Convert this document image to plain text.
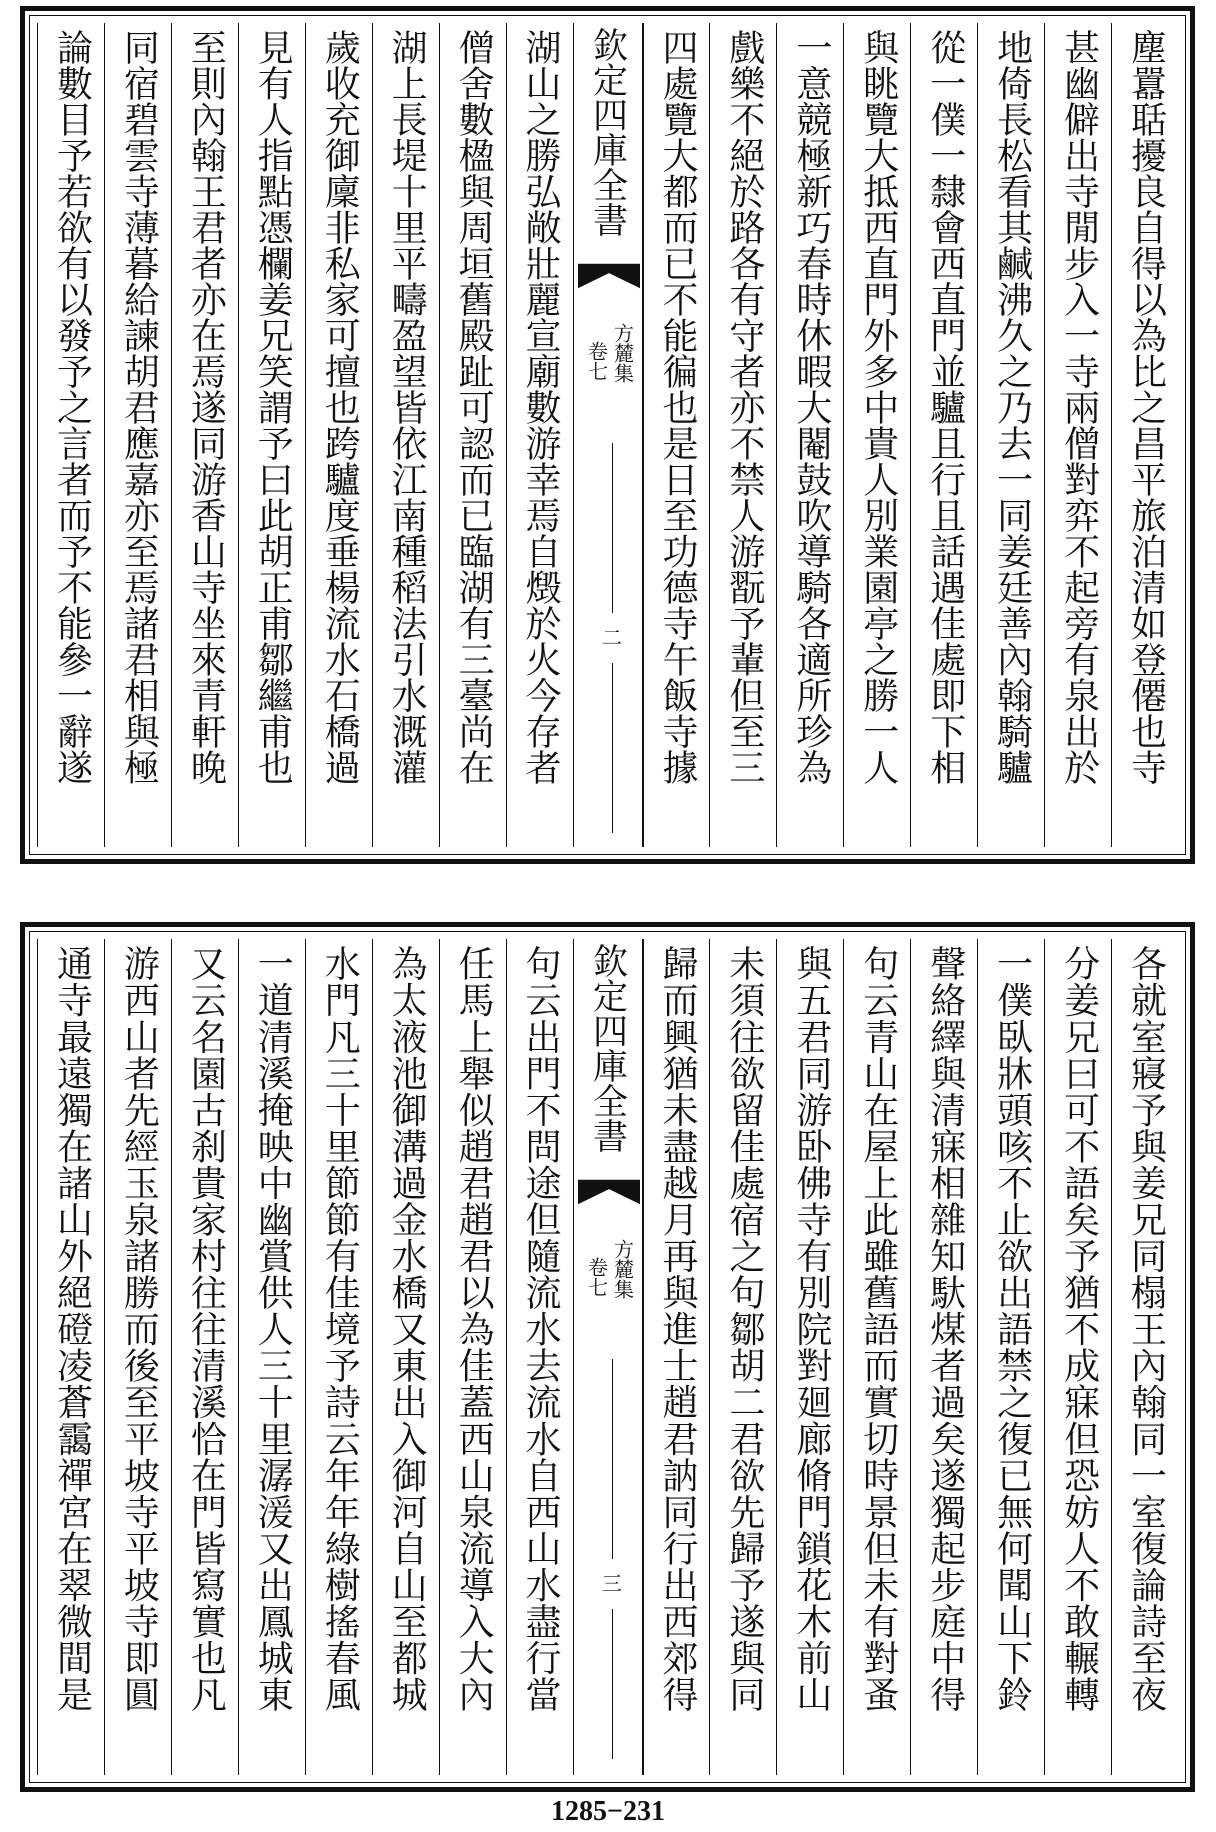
欽定四庫全書
方麓集
卷七
二	塵囂聒擾良自得以為比之昌平旅泊清如登僊也寺
甚幽僻出寺閒步入一寺兩僧對弈不起旁有泉出於
地倚長松看其鹹沸久之乃去一同姜廷善內翰騎驢
從一僕一隸會西直門並驢且行且話遇佳處即下相
與眺覽大抵西直門外多中貴人別業園亭之勝一人
一意競極新巧春時休暇大閹鼓吹導騎各適所珍為
戲樂不絕於路各有守者亦不禁人游翫予輩但至三
四處覽大都而已不能徧也是日至功德寺午飯寺據
湖山之勝弘敞壯麗宣廟數游幸焉自燬於火今存者
僧舍數楹與周垣舊殿趾可認而已臨湖有三臺尚在
湖上長堤十里平疇盈望皆依江南種稻法引水溉灌
歲收充御廩非私家可擅也跨驢度垂楊流水石橋過
見有人指點憑欄姜兄笑謂予曰此胡正甫鄒繼甫也
至則內翰王君者亦在焉遂同游香山寺坐來青軒晚
同宿碧雲寺薄暮給諫胡君應嘉亦至焉諸君相與極
論數目予若欲有以發予之言者而予不能參一辭遂
欽定四庫全書
方麓集
卷七
三	各就室寢予與姜兄同榻王內翰同一室復論詩至夜
分姜兄曰可不語矣予猶不成寐但恐妨人不敢輾轉
一僕臥牀頭咳不止欲出語禁之復已無何聞山下鈴
聲絡繹與清寐相雜知馱煤者過矣遂獨起步庭中得
句云青山在屋上此雖舊語而實切時景但未有對蚤
與五君同游卧佛寺有別院對廻廊脩門鎖花木前山
未須往欲留佳處宿之句鄒胡二君欲先歸予遂與同
歸而興猶未盡越月再與進士趙君訥同行出西郊得
句云出門不問途但隨流水去流水自西山水盡行當
任馬上舉似趙君趙君以為佳蓋西山泉流導入大內
為太液池御溝過金水橋又東出入御河自山至都城
水門凡三十里節節有佳境予詩云年年綠樹搖春風
一道清溪掩映中幽賞供人三十里潺湲又出鳳城東
又云名園古刹貴家村往往清溪恰在門皆寫實也凡
游西山者先經玉泉諸勝而後至平坡寺平坡寺即圓
通寺最遠獨在諸山外絕磴凌蒼靄禪宮在翠微間是
1285−231
